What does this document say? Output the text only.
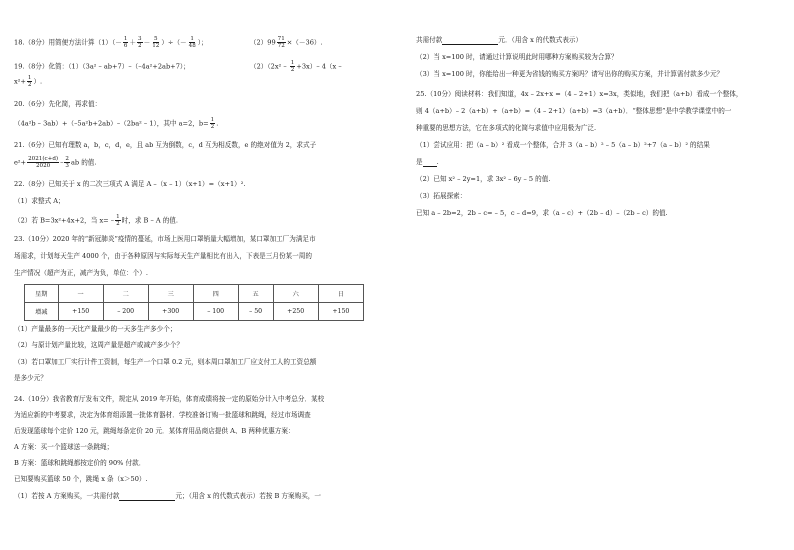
18.（8分）用简便方法计算$(1)(- \frac{1}{6} + \frac{3}{2} - \frac{5}{12}$ ）÷（－ $\frac{1}{48}$ ）；	$(2)99 \frac{71}{72} \times(-36)$.
19.（8分）化简：（1）（3a² – ab+7）–（–4a²+2ab+7）；	$(2)(2x^2 - \frac{1}{2} +3x)-$ 4（x –
$x^2+ \frac{1}{2}$ ）.
20.（6分）先化简，再求值：
（4a²b – 3ab）+（–5a²b+2ab）–（2ba² – 1），其中 a=2，$b= \frac{1}{2}$ .
21.（6分）已知有理数 a，b，c，d，e，且 ab 互为倒数，c，d 互为相反数，e 的绝对值为 2，求式子
$e^2+ \frac{2021(c+d)}{2020} - \frac{2}{3}$ ab 的值.
22.（8分）已知关于 x 的二次三项式 A 满足 A –（x – 1）（x+1）=（x+1）².
（1）求整式 A；
（2）若 B=3x²+4x+2，当 $x= - \frac{1}{2}$ 时，求 B – A 的值.
23.（10分）2020 年的“新冠肺炎”疫情的蔓延，市场上医用口罩销量大幅增加，某口罩加工厂为满足市
场需求，计划每天生产 4000 个，由于各种原因与实际每天生产量相比有出入，下表是三月份某一周的
生产情况（超产为正，减产为负，单位：个）.
星期	一	二	三	四	五	六	日
增减	+150	– 200	+300	– 100	– 50	+250	+150
（1）产量最多的一天比产量最少的一天多生产多少个；
（2）与原计划产量比较，这周产量是超产或减产多少个？
（3）若口罩加工厂实行计件工资制，每生产一个口罩 0.2 元，则本周口罩加工厂应支付工人的工资总额
是多少元？
24.（10分）我省教育厅发布文件，规定从 2019 年开始，体育成绩将按一定的原始分计入中考总分．某校
为适应新的中考要求，决定为体育组添置一批体育器材．学校准备订购一批篮球和跳绳，经过市场调查
后发现篮球每个定价 120 元，跳绳每条定价 20 元．某体育用品商店提供 A、B 两种优惠方案：
A 方案：买一个篮球送一条跳绳；
B 方案：篮球和跳绳都按定价的 90% 付款．
已知要购买篮球 50 个，跳绳 x 条（x＞50）.
（1）若按 A 方案购买，一共需付款	元；（用含 x 的代数式表示）若按 B 方案购买，一
共需付款	元．（用含 x 的代数式表示）
（2）当 x=100 时，请通过计算说明此时用哪种方案购买较为合算？
（3）当 x=100 时，你能给出一种更为省钱的购买方案吗？请写出你的购买方案，并计算需付款多少元？
25.（10分）阅读材料：我们知道，4x – 2x+x =（4 – 2+1）x=3x，类似地，我们把（a+b）看成一个整体，
则 4（a+b）– 2（a+b）+（a+b）=（4 – 2+1）（a+b）=3（a+b）．“整体思想”是中学教学课堂中的一
种重要的思想方法，它在多项式的化简与求值中应用极为广泛.
（1）尝试应用：把（a – b）² 看成一个整体，合并 3（a – b）² – 5（a – b）²+7（a – b）² 的结果
是 .
（2）已知 x² – 2y=1，求 3x² – 6y – 5 的值.
（3）拓展探索：
已知 a – 2b=2，2b – c= – 5，c – d=9，求（a – c）+（2b – d）–（2b – c）的值.
